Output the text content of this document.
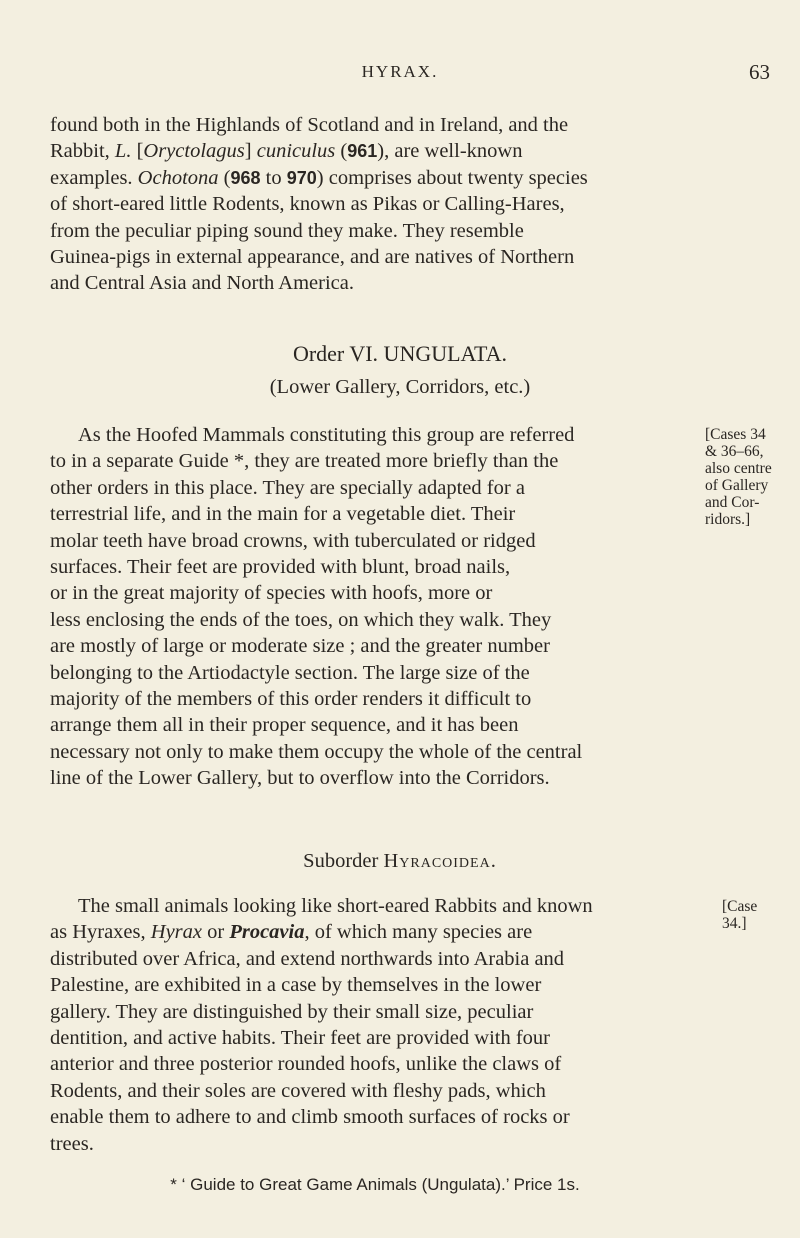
HYRAX.	63

found both in the Highlands of Scotland and in Ireland, and the

Rabbit, L. [Oryctolagus] cuniculus (961), are well-known

examples. Ochotona (968 to 970) comprises about twenty species

of short-eared little Rodents, known as Pikas or Calling-Hares,

from the peculiar piping sound they make. They resemble

Guinea-pigs in external appearance, and are natives of Northern

and Central Asia and North America.

Order VI. UNGULATA.
(Lower Gallery, Corridors, etc.)

As the Hoofed Mammals constituting this group are referred

to in a separate Guide *, they are treated more briefly than the

other orders in this place. They are specially adapted for a

terrestrial life, and in the main for a vegetable diet. Their

molar teeth have broad crowns, with tuberculated or ridged

surfaces. Their feet are provided with blunt, broad nails,

or in the great majority of species with hoofs, more or

less enclosing the ends of the toes, on which they walk. They

are mostly of large or moderate size ; and the greater number

belonging to the Artiodactyle section. The large size of the

majority of the members of this order renders it difficult to

arrange them all in their proper sequence, and it has been

necessary not only to make them occupy the whole of the central

line of the Lower Gallery, but to overflow into the Corridors.

[Cases 34
& 36–66,
also centre
of Gallery
and Cor-
ridors.]
Suborder Hyracoidea.

The small animals looking like short-eared Rabbits and known

as Hyraxes, Hyrax or Procavia, of which many species are

distributed over Africa, and extend northwards into Arabia and

Palestine, are exhibited in a case by themselves in the lower

gallery. They are distinguished by their small size, peculiar

dentition, and active habits. Their feet are provided with four

anterior and three posterior rounded hoofs, unlike the claws of

Rodents, and their soles are covered with fleshy pads, which

enable them to adhere to and climb smooth surfaces of rocks or

trees.

[Case
34.]
* ‘ Guide to Great Game Animals (Ungulata).’ Price 1s.
